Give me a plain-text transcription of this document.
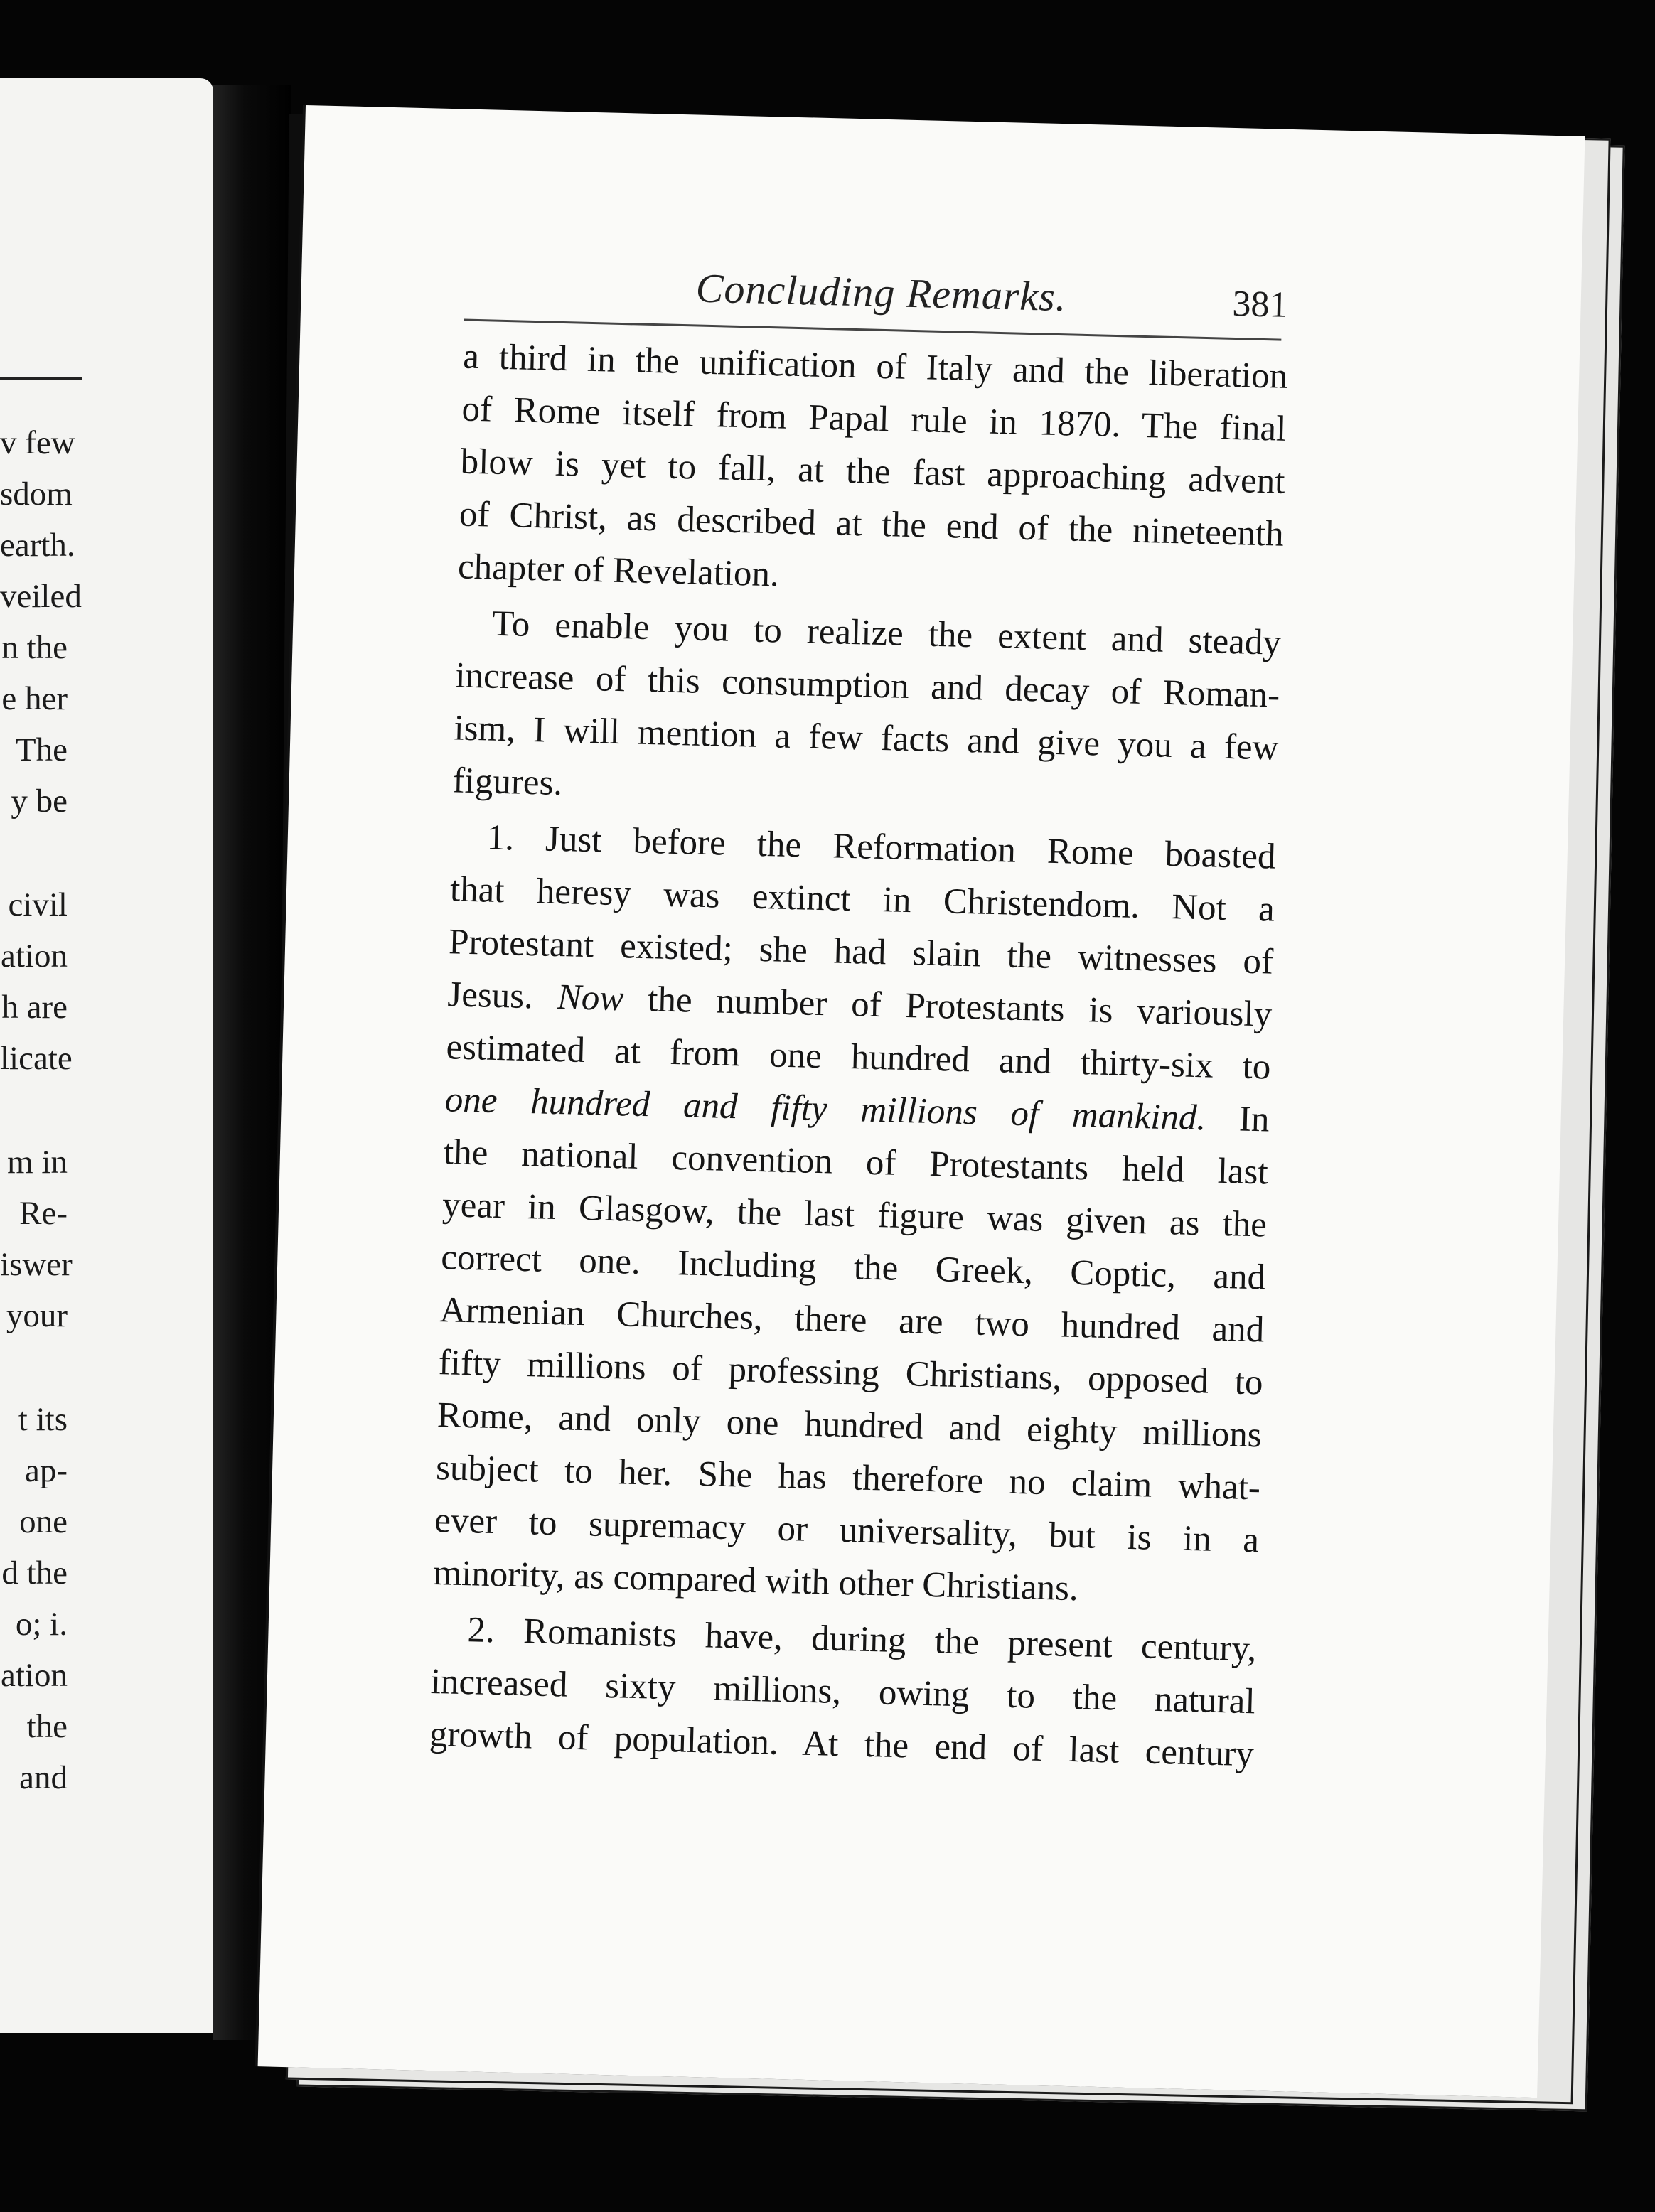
v few
sdom
earth.
veiled
n the
e her
The
y be
civil
ation
h are
licate
m in
Re-
iswer
your
t its
ap-
one
d the
o; i.
ation
the
and
Concluding Remarks.	381
a third in the unification of Italy and the liberation
of Rome itself from Papal rule in 1870. The final
blow is yet to fall, at the fast approaching advent
of Christ, as described at the end of the nineteenth
chapter of Revelation.
To enable you to realize the extent and steady
increase of this consumption and decay of Roman-
ism, I will mention a few facts and give you a few
figures.
1. Just before the Reformation Rome boasted
that heresy was extinct in Christendom. Not a
Protestant existed; she had slain the witnesses of
Jesus. Now the number of Protestants is variously
estimated at from one hundred and thirty-six to
one hundred and fifty millions of mankind. In
the national convention of Protestants held last
year in Glasgow, the last figure was given as the
correct one. Including the Greek, Coptic, and
Armenian Churches, there are two hundred and
fifty millions of professing Christians, opposed to
Rome, and only one hundred and eighty millions
subject to her. She has therefore no claim what-
ever to supremacy or universality, but is in a
minority, as compared with other Christians.
2. Romanists have, during the present century,
increased sixty millions, owing to the natural
growth of population. At the end of last century
